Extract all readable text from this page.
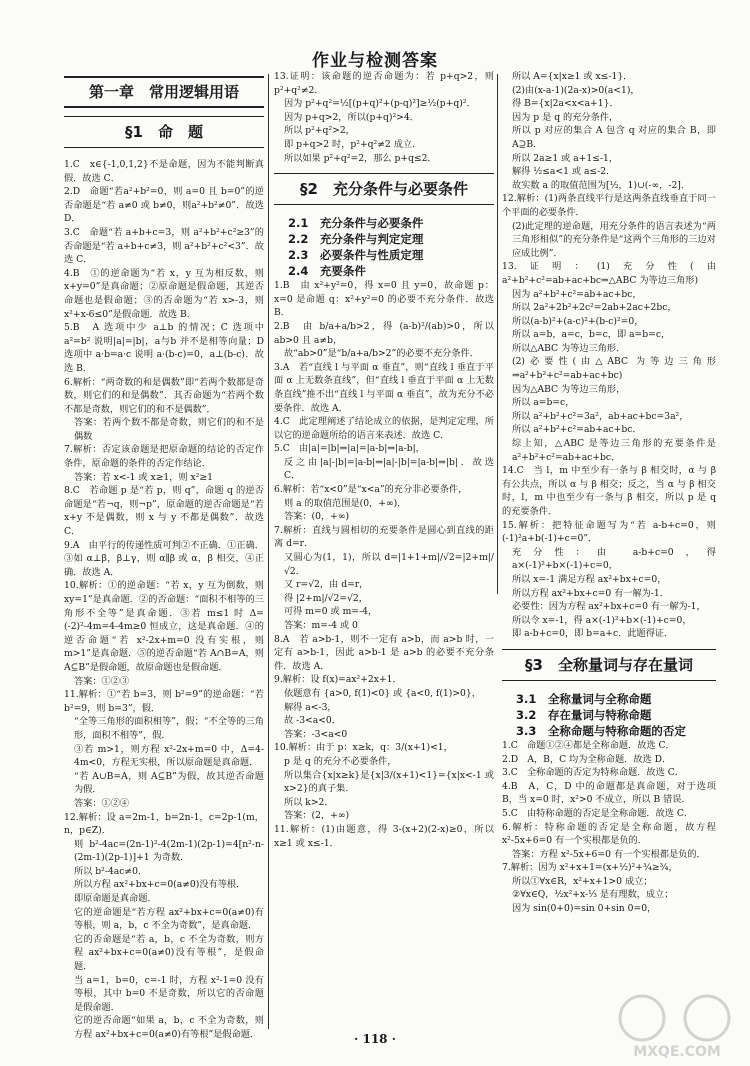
作业与检测答案
第一章　常用逻辑用语
§1　命　题

1.C　x∈{-1,0,1,2}不是命题，因为不能判断真假．故选 C．

2.D　命题“若a²+b²=0，则 a=0 且 b=0”的逆否命题是“若 a≠0 或 b≠0，则a²+b²≠0”．故选 D．

3.C　命题“若 a+b+c=3，则 a²+b²+c²≥3”的否命题是“若 a+b+c≠3，则 a²+b²+c²<3”．故选 C．

4.B　①的逆命题为“若 x，y 互为相反数，则 x+y=0”是真命题；②原命题是假命题，其逆否命题也是假命题；③的否命题为“若 x>-3，则 x²+x-6≤0”是假命题．故选 B．

5.B　A 选项中少 a⊥b 的情况；C 选项中 a²=b² 说明|a|=|b|，a与b 并不是相等向量；D 选项中 a·b=a·c 说明 a·(b-c)=0，a⊥(b-c)．故选 B．

6.解析：“两奇数的和是偶数”即“若两个数都是奇数，则它们的和是偶数”．其否命题为“若两个数不都是奇数，则它们的和不是偶数”．

答案：若两个数不都是奇数，则它们的和不是偶数

7.解析：否定该命题是把原命题的结论的否定作条件，原命题的条件的否定作结论．

答案：若 x<-1 或 x≥1，则 x²≥1

8.C　若命题 p 是“若 p，则 q”，命题 q 的逆否命题是“若¬q，则¬p”，原命题的逆否命题是“若 x+y 不是偶数，则 x 与 y 不都是偶数”．故选 C．

9.A　由平行的传递性质可判②不正确．①正确．③如 α⊥β，β⊥γ，则 α∥β 或 α，β 相交，④正确．故选 A．

10.解析：①的逆命题：“若 x，y 互为倒数，则 xy=1”是真命题．②的否命题：“面积不相等的三角形不全等”是真命题．③若 m≤1 时 Δ=(-2)²-4m=4-4m≥0 恒成立，这是真命题．④的逆否命题“若 x²-2x+m=0 没有实根，则 m>1”是真命题．⑤的逆否命题“若 A∩B=A，则 A⊆B”是假命题，故原命题也是假命题．

答案：①②③

11.解析：①“若 b=3，则 b²=9”的逆命题：“若 b²=9，则 b=3”，假．

“全等三角形的面积相等”，假；“不全等的三角形，面积不相等”，假．

③若 m>1，则方程 x²-2x+m=0 中，Δ=4-4m<0，方程无实根，所以原命题是真命题．

“若 A∪B=A，则 A⊆B”为假，故其逆否命题为假．

答案：①②④

12.解析：设 a=2m-1，b=2n-1，c=2p-1(m，n，p∈Z)．

则 b²-4ac=(2n-1)²-4(2m-1)(2p-1)=4[n²-n-(2m-1)(2p-1)]+1 为奇数．

所以 b²-4ac≠0．

所以方程 ax²+bx+c=0(a≠0)没有等根．

即原命题是真命题．

它的逆命题是“若方程 ax²+bx+c=0(a≠0)有等根，则 a，b，c 不全为奇数”，是真命题．

它的否命题是“若 a，b，c 不全为奇数，则方程 ax²+bx+c=0(a≠0)没有等根”，是假命题．

当 a=1，b=0，c=-1 时，方程 x²-1=0 没有等根，其中 b=0 不是奇数，所以它的否命题是假命题．

它的逆否命题“如果 a，b，c 不全为奇数，则方程 ax²+bx+c=0(a≠0)有等根”是假命题．

13.证明：该命题的逆否命题为：若 p+q>2，则 p²+q²≠2．

因为 p²+q²=½[(p+q)²+(p-q)²]≥½(p+q)²．

因为 p+q>2，所以(p+q)²>4．

所以 p²+q²>2，

即 p+q>2 时，p²+q²≠2 成立．

所以如果 p²+q²=2，那么 p+q≤2．

§2　充分条件与必要条件

2.1　充分条件与必要条件

2.2　充分条件与判定定理

2.3　必要条件与性质定理

2.4　充要条件

1.B　由 x²+y²=0，得 x=0 且 y=0，故命题 p：x=0 是命题 q：x²+y²=0 的必要不充分条件．故选 B．

2.B　由 b/a+a/b>2，得 (a-b)²/(ab)>0，所以 ab>0 且 a≠b，

故“ab>0”是“b/a+a/b>2”的必要不充分条件．

3.A　若“直线 l 与平面 α 垂直”，则“直线 l 垂直于平面 α 上无数条直线”，但“直线 l 垂直于平面 α 上无数条直线”推不出“直线 l 与平面 α 垂直”，故为充分不必要条件．故选 A．

4.C　此定理阐述了结论成立的依据，是判定定理，所以它的逆命题所给的语言来表述．故选 C．

5.C　由|a|=|b|⇒|a|=|a-b|⇒|a-b|，

反之由|a|-|b|=|a-b|⇒|a|-|b|=|a-b|⇒|b|．故选 C．

6.解析：若“x<0”是“x<a”的充分非必要条件，

则 a 的取值范围是(0，+∞)．

答案：(0，+∞)

7.解析：直线与圆相切的充要条件是圆心到直线的距离 d=r．

又圆心为(1，1)，所以 d=|1+1+m|/√2=|2+m|/√2．

又 r=√2，由 d=r，

得 |2+m|/√2=√2，

可得 m=0 或 m=-4，

答案：m=-4 或 0

8.A　若 a>b-1，则不一定有 a>b，而 a>b 时，一定有 a>b-1，因此 a>b-1 是 a>b 的必要不充分条件．故选 A．

9.解析：设 f(x)=ax²+2x+1．

依题意有 {a>0, f(1)<0} 或 {a<0, f(1)>0}，

解得 a<-3，

故 -3<a<0．

答案：-3<a<0

10.解析：由于 p：x≥k，q：3/(x+1)<1，

p 是 q 的充分不必要条件，

所以集合{x|x≥k}是{x|3/(x+1)<1}={x|x<-1 或 x>2}的真子集．

所以 k>2．

答案：(2，+∞)

11.解析：(1)由题意，得 3-(x+2)(2-x)≥0，所以 x≥1 或 x≤-1．

所以 A={x|x≥1 或 x≤-1}．

(2)由(x-a-1)(2a-x)>0(a<1)，

得 B={x|2a<x<a+1}．

因为 p 是 q 的充分条件，

所以 p 对应的集合 A 包含 q 对应的集合 B，即 A⊇B．

所以 2a≥1 或 a+1≤-1，

解得 ½≤a<1 或 a≤-2．

故实数 a 的取值范围为[½，1)∪(-∞，-2]．

12.解析：(1)两条直线平行是这两条直线垂直于同一个平面的必要条件．

(2)此定理的逆命题，用充分条件的语言表述为“两三角形相似”的充分条件是“这两个三角形的三边对应成比例”．

13.证明：(1)充分性(由 a²+b²+c²=ab+ac+bc⇒△ABC 为等边三角形)

因为 a²+b²+c²=ab+ac+bc，

所以 2a²+2b²+2c²=2ab+2ac+2bc，

所以(a-b)²+(a-c)²+(b-c)²=0，

所以 a=b，a=c，b=c，即 a=b=c，

所以△ABC 为等边三角形．

(2)必要性(由△ABC 为等边三角形⇒a²+b²+c²=ab+ac+bc)

因为△ABC 为等边三角形，

所以 a=b=c，

所以 a²+b²+c²=3a²，ab+ac+bc=3a²，

所以 a²+b²+c²=ab+ac+bc．

综上知，△ABC 是等边三角形的充要条件是 a²+b²+c²=ab+ac+bc．

14.C　当 l，m 中至少有一条与 β 相交时，α 与 β 有公共点，所以 α 与 β 相交；反之，当 α 与 β 相交时，l，m 中也至少有一条与 β 相交，所以 p 是 q 的充要条件．

15.解析：把特征命题写为“若 a-b+c=0，则(-1)²a+b(-1)+c=0”．

充分性：由 a-b+c=0，得 a×(-1)²+b×(-1)+c=0，

所以 x=-1 满足方程 ax²+bx+c=0，

所以方程 ax²+bx+c=0 有一解为-1．

必要性：因为方程 ax²+bx+c=0 有一解为-1，

所以令 x=-1，得 a×(-1)²+b×(-1)+c=0，

即 a-b+c=0，即 b=a+c．此题得证．

§3　全称量词与存在量词

3.1　全称量词与全称命题

3.2　存在量词与特称命题

3.3　全称命题与特称命题的否定

1.C　命题①②④都是全称命题．故选 C．

2.D　A，B，C 均为全称命题．故选 D．

3.C　全称命题的否定为特称命题．故选 C．

4.B　A，C，D 中的命题都是真命题，对于选项 B，当 x=0 时，x²>0 不成立，所以 B 错误．

5.C　由特称命题的否定是全称命题．故选 C．

6.解析：特称命题的否定是全称命题，故方程 x²-5x+6=0 有一个实根都是负的．

答案：方程 x²-5x+6=0 有一个实根都是负的．

7.解析：因为 x²+x+1=(x+½)²+¾≥¾，

所以①∀x∈R，x²+x+1>0 成立；

②∀x∈Q，½x²+x-⅓ 是有理数，成立；

因为 sin(0+0)=sin 0+sin 0=0，

· 118 ·
MXQE.COM
